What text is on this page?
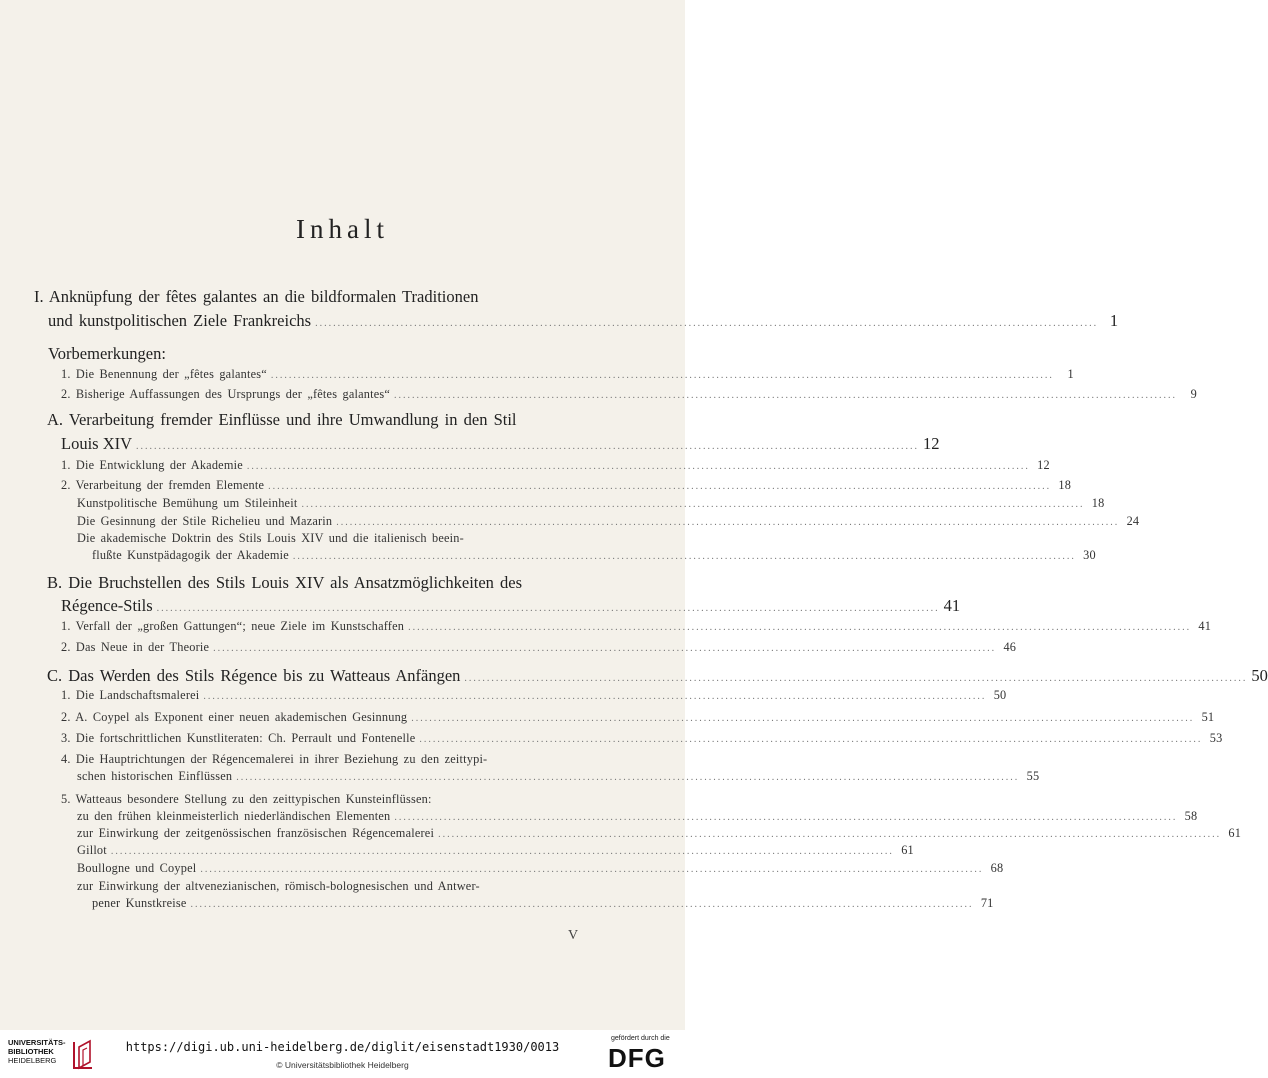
Inhalt
I. Anknüpfung der fêtes galantes an die bildformalen Traditionen
und kunstpolitischen Ziele Frankreichs .............................................................................................................................................................................. 1
Vorbemerkungen:
1. Die Benennung der „fêtes galantes“ ..............................................................................................................................................................................	1
2. Bisherige Auffassungen des Ursprungs der „fêtes galantes“ ..............................................................................................................................................................................	9
A. Verarbeitung fremder Einflüsse und ihre Umwandlung in den Stil
Louis XIV .............................................................................................................................................................................. 12
1. Die Entwicklung der Akademie .............................................................................................................................................................................. 12
2. Verarbeitung der fremden Elemente .............................................................................................................................................................................. 18
Kunstpolitische Bemühung um Stileinheit .............................................................................................................................................................................. 18
Die Gesinnung der Stile Richelieu und Mazarin .............................................................................................................................................................................. 24
Die akademische Doktrin des Stils Louis XIV und die italienisch beein-
flußte Kunstpädagogik der Akademie .............................................................................................................................................................................. 30
B. Die Bruchstellen des Stils Louis XIV als Ansatzmöglichkeiten des
Régence-Stils .............................................................................................................................................................................. 41
1. Verfall der „großen Gattungen“; neue Ziele im Kunstschaffen .............................................................................................................................................................................. 41
2. Das Neue in der Theorie .............................................................................................................................................................................. 46
C. Das Werden des Stils Régence bis zu Watteaus Anfängen .............................................................................................................................................................................. 50
1. Die Landschaftsmalerei .............................................................................................................................................................................. 50
2. A. Coypel als Exponent einer neuen akademischen Gesinnung .............................................................................................................................................................................. 51
3. Die fortschrittlichen Kunstliteraten: Ch. Perrault und Fontenelle .............................................................................................................................................................................. 53
4. Die Hauptrichtungen der Régencemalerei in ihrer Beziehung zu den zeittypi-
schen historischen Einflüssen .............................................................................................................................................................................. 55
5. Watteaus besondere Stellung zu den zeittypischen Kunsteinflüssen:
zu den frühen kleinmeisterlich niederländischen Elementen .............................................................................................................................................................................. 58
zur Einwirkung der zeitgenössischen französischen Régencemalerei .............................................................................................................................................................................. 61
Gillot .............................................................................................................................................................................. 61
Boullogne und Coypel .............................................................................................................................................................................. 68
zur Einwirkung der altvenezianischen, römisch-bolognesischen und Antwer-
pener Kunstkreise .............................................................................................................................................................................. 71
V
UNIVERSITÄTS-
BIBLIOTHEK
HEIDELBERG
https://digi.ub.uni-heidelberg.de/diglit/eisenstadt1930/0013
© Universitätsbibliothek Heidelberg
gefördert durch die
DFG
